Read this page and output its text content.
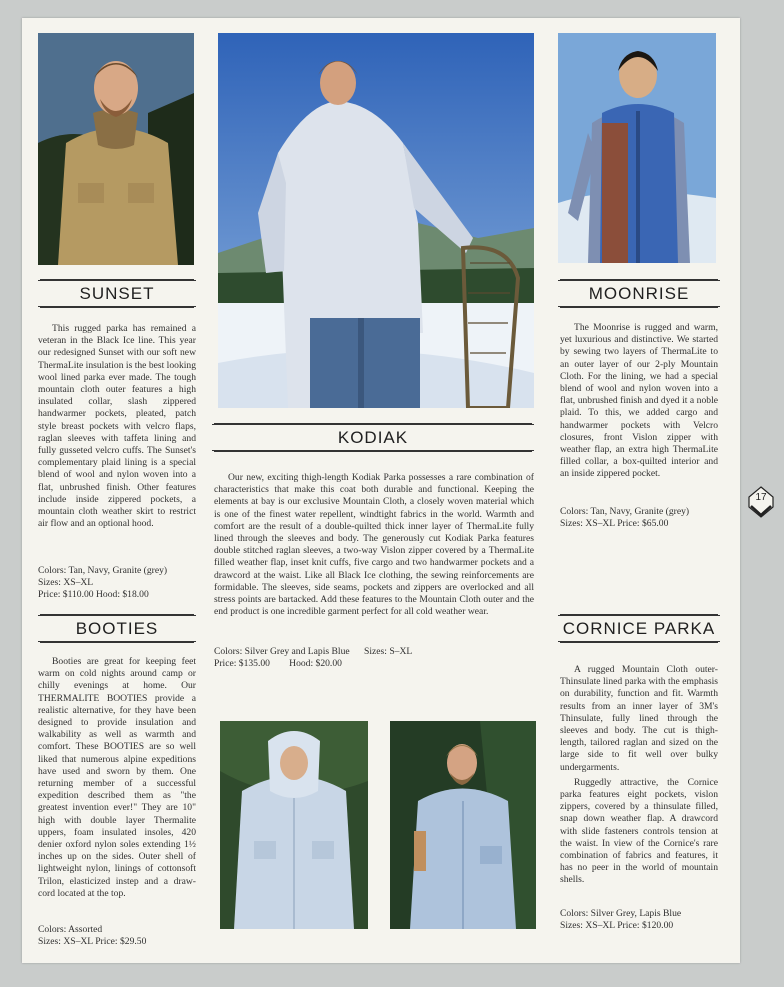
SUNSET

This rugged parka has remained a veteran in the Black Ice line. This year our redesigned Sunset with our soft new ThermaLite insulation is the best looking wool lined parka ever made. The tough mountain cloth outer features a high insulated collar, slash zippered handwarmer pockets, pleated, patch style breast pockets with velcro flaps, raglan sleeves with taffeta lining and fully gusseted velcro cuffs. The Sunset's complementary plaid lining is a special blend of wool and nylon woven into a flat, unbrushed finish. Other features include inside zippered pockets, a mountain cloth weather skirt to restrict air flow and an optional hood.

Colors: Tan, Navy, Granite (grey)
Sizes: XS–XL
Price: $110.00 Hood: $18.00
BOOTIES

Booties are great for keeping feet warm on cold nights around camp or chilly evenings at home. Our THERMALITE BOOTIES provide a realistic alternative, for they have been designed to provide insulation and walkability as well as warmth and comfort. These BOOTIES are so well liked that numerous alpine expeditions have used and sworn by them. One returning member of a successful expedition described them as "the greatest invention ever!" They are 10" high with double layer Thermalite uppers, foam insulated insoles, 420 denier oxford nylon soles extending 1½ inches up on the sides. Outer shell of lightweight nylon, linings of cottonsoft Trilon, elasticized instep and a draw-cord located at the top.

Colors: Assorted
Sizes: XS–XL Price: $29.50
KODIAK

Our new, exciting thigh-length Kodiak Parka possesses a rare combination of characteristics that make this coat both durable and functional. Keeping the elements at bay is our exclusive Mountain Cloth, a closely woven material which is one of the finest water repellent, windtight fabrics in the world. Warmth and comfort are the result of a double-quilted thick inner layer of ThermaLite fully lined through the sleeves and body. The generously cut Kodiak Parka features double stitched raglan sleeves, a two-way Vislon zipper covered by a ThermaLite filled weather flap, inset knit cuffs, five cargo and two handwarmer pockets and a drawcord at the waist. Like all Black Ice clothing, the sewing reinforcements are formidable. The sleeves, side seams, pockets and zippers are overlocked and all stress points are bartacked. Add these features to the Mountain Cloth outer and the end product is one incredible garment perfect for all cold weather wear.

Colors: Silver Grey and Lapis Blue Sizes: S–XL
Price: $135.00 Hood: $20.00
MOONRISE

The Moonrise is rugged and warm, yet luxurious and distinctive. We started by sewing two layers of ThermaLite to an outer layer of our 2-ply Mountain Cloth. For the lining, we had a special blend of wool and nylon woven into a flat, unbrushed finish and dyed it a noble plaid. To this, we added cargo and handwarmer pockets with Velcro closures, front Vislon zipper with weather flap, an extra high ThermaLite filled collar, a box-quilted interior and an inside zippered pocket.

Colors: Tan, Navy, Granite (grey)
Sizes: XS–XL Price: $65.00
CORNICE PARKA

A rugged Mountain Cloth outer-Thinsulate lined parka with the emphasis on durability, function and fit. Warmth results from an inner layer of 3M's Thinsulate, fully lined through the sleeves and body. The cut is thigh-length, tailored raglan and sized on the large side to fit well over bulky undergarments.

Ruggedly attractive, the Cornice parka features eight pockets, vislon zippers, covered by a thinsulate filled, snap down weather flap. A drawcord with slide fasteners controls tension at the waist. In view of the Cornice's rare combination of fabrics and features, it has no peer in the world of mountain shells.

Colors: Silver Grey, Lapis Blue
Sizes: XS–XL Price: $120.00
17
